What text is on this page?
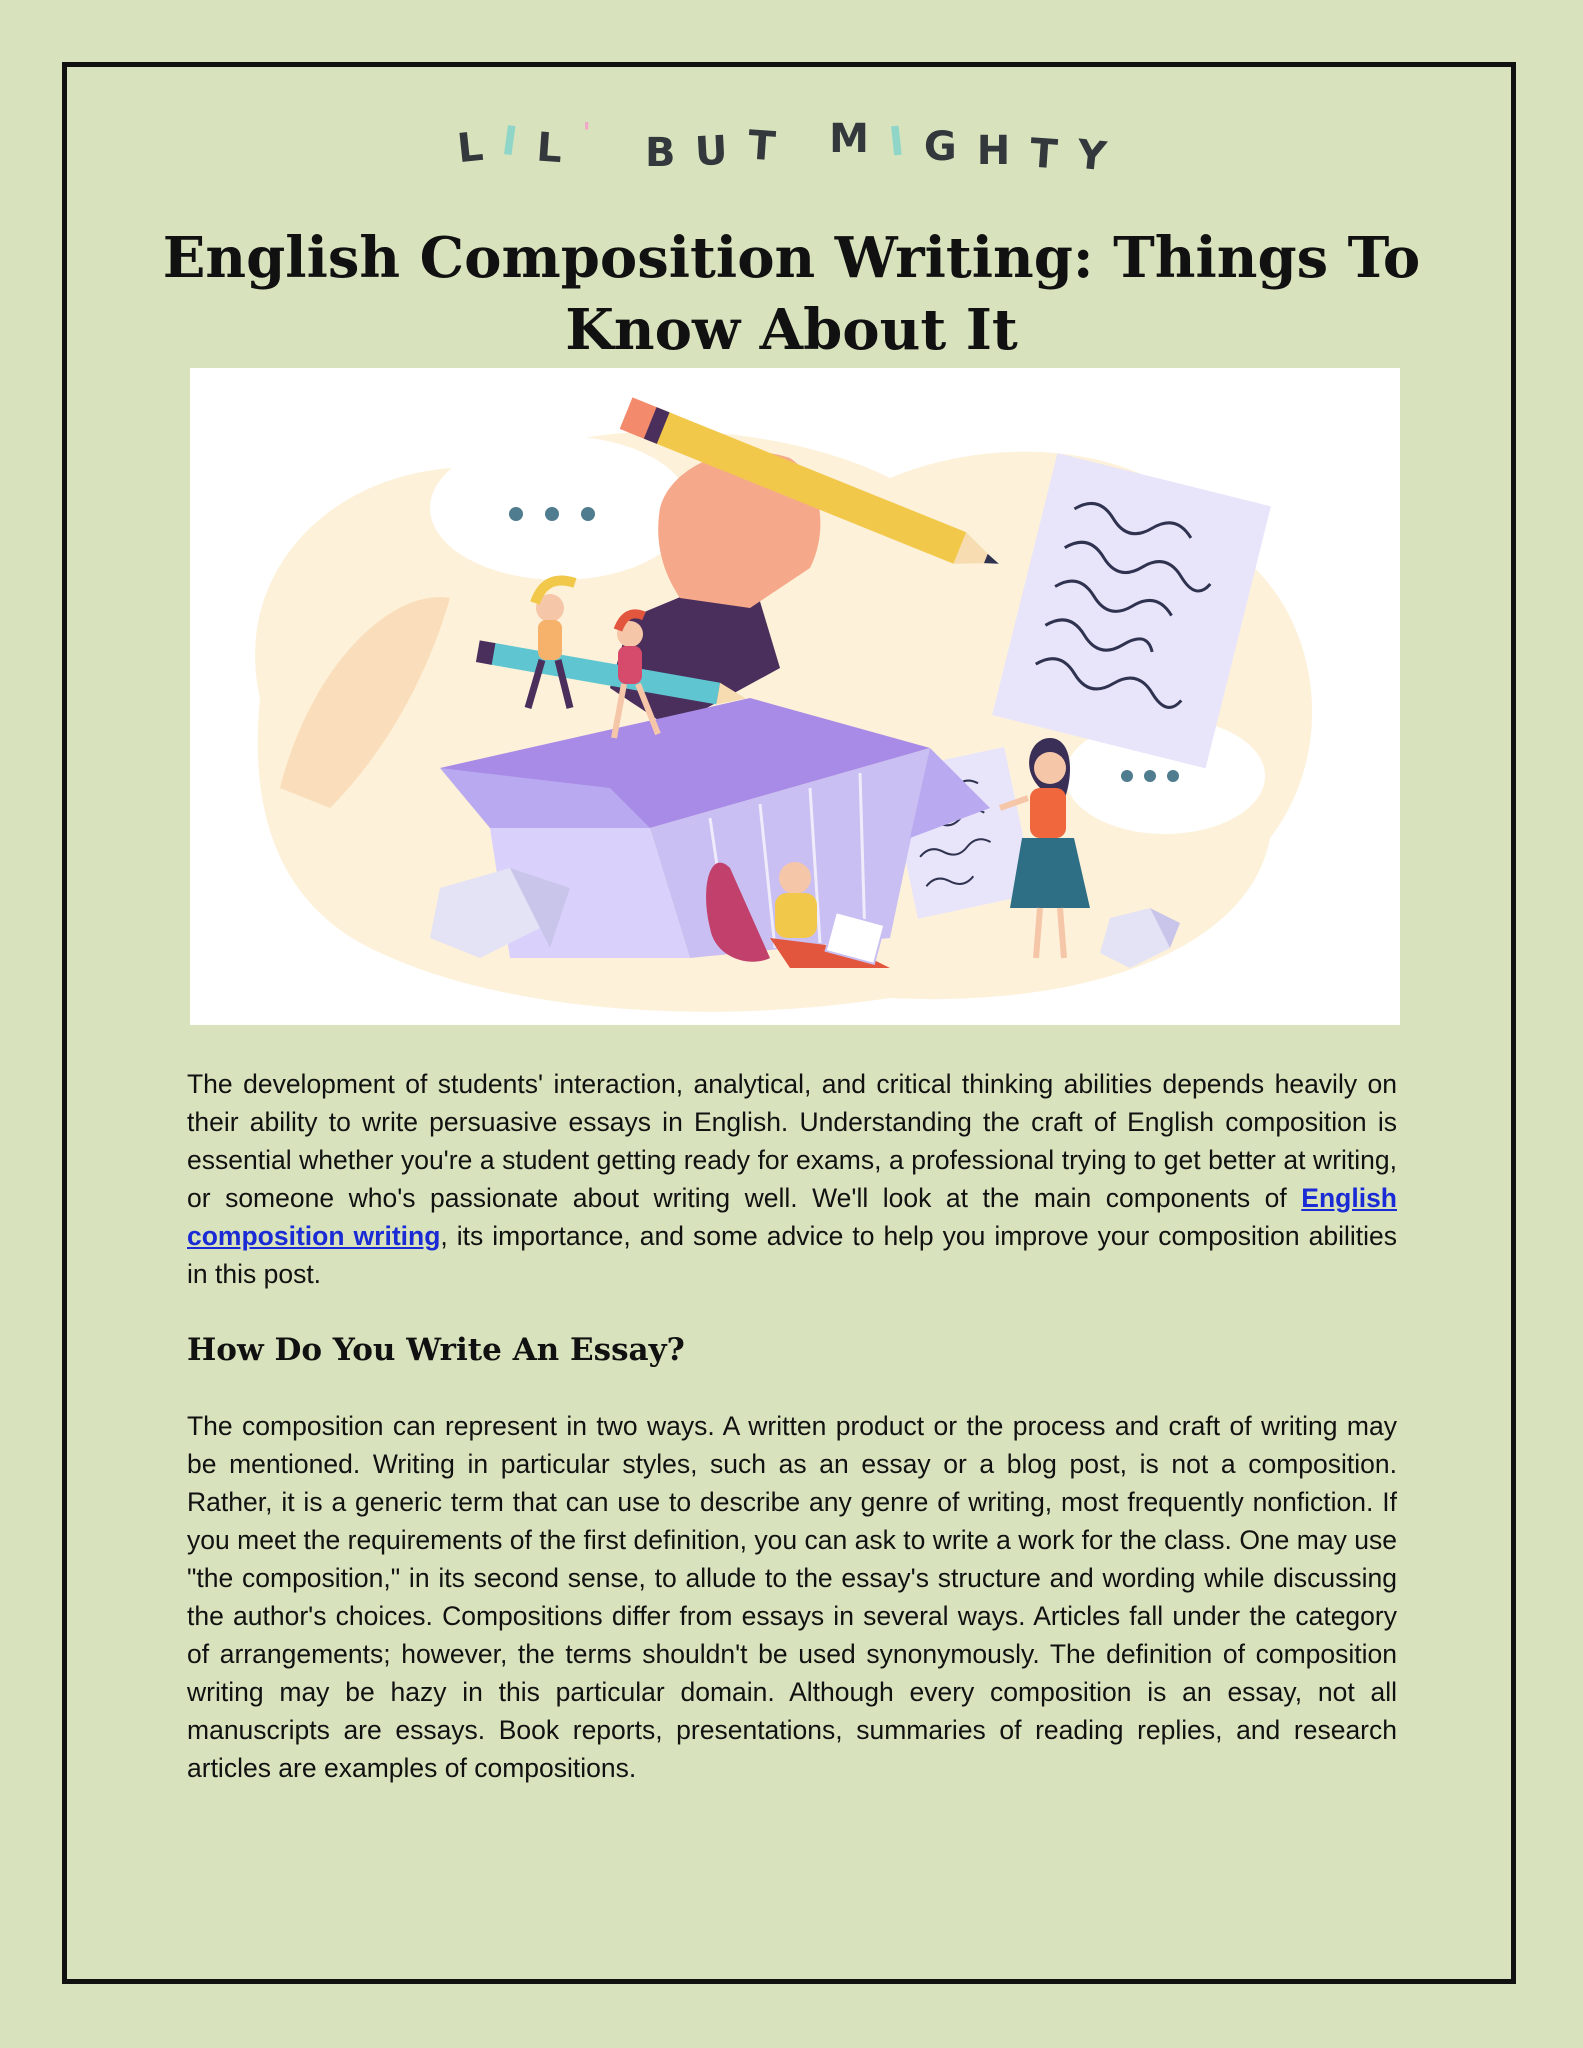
LIL' BUT MIGHTY
English Composition Writing: Things To Know About It

The development of students' interaction, analytical, and critical thinking abilities depends heavily on their ability to write persuasive essays in English. Understanding the craft of English composition is essential whether you're a student getting ready for exams, a professional trying to get better at writing, or someone who's passionate about writing well. We'll look at the main components of English composition writing, its importance, and some advice to help you improve your composition abilities in this post.

How Do You Write An Essay?

The composition can represent in two ways. A written product or the process and craft of writing may be mentioned. Writing in particular styles, such as an essay or a blog post, is not a composition. Rather, it is a generic term that can use to describe any genre of writing, most frequently nonfiction. If you meet the requirements of the first definition, you can ask to write a work for the class. One may use "the composition," in its second sense, to allude to the essay's structure and wording while discussing the author's choices. Compositions differ from essays in several ways. Articles fall under the category of arrangements; however, the terms shouldn't be used synonymously. The definition of composition writing may be hazy in this particular domain. Although every composition is an essay, not all manuscripts are essays. Book reports, presentations, summaries of reading replies, and research articles are examples of compositions.
